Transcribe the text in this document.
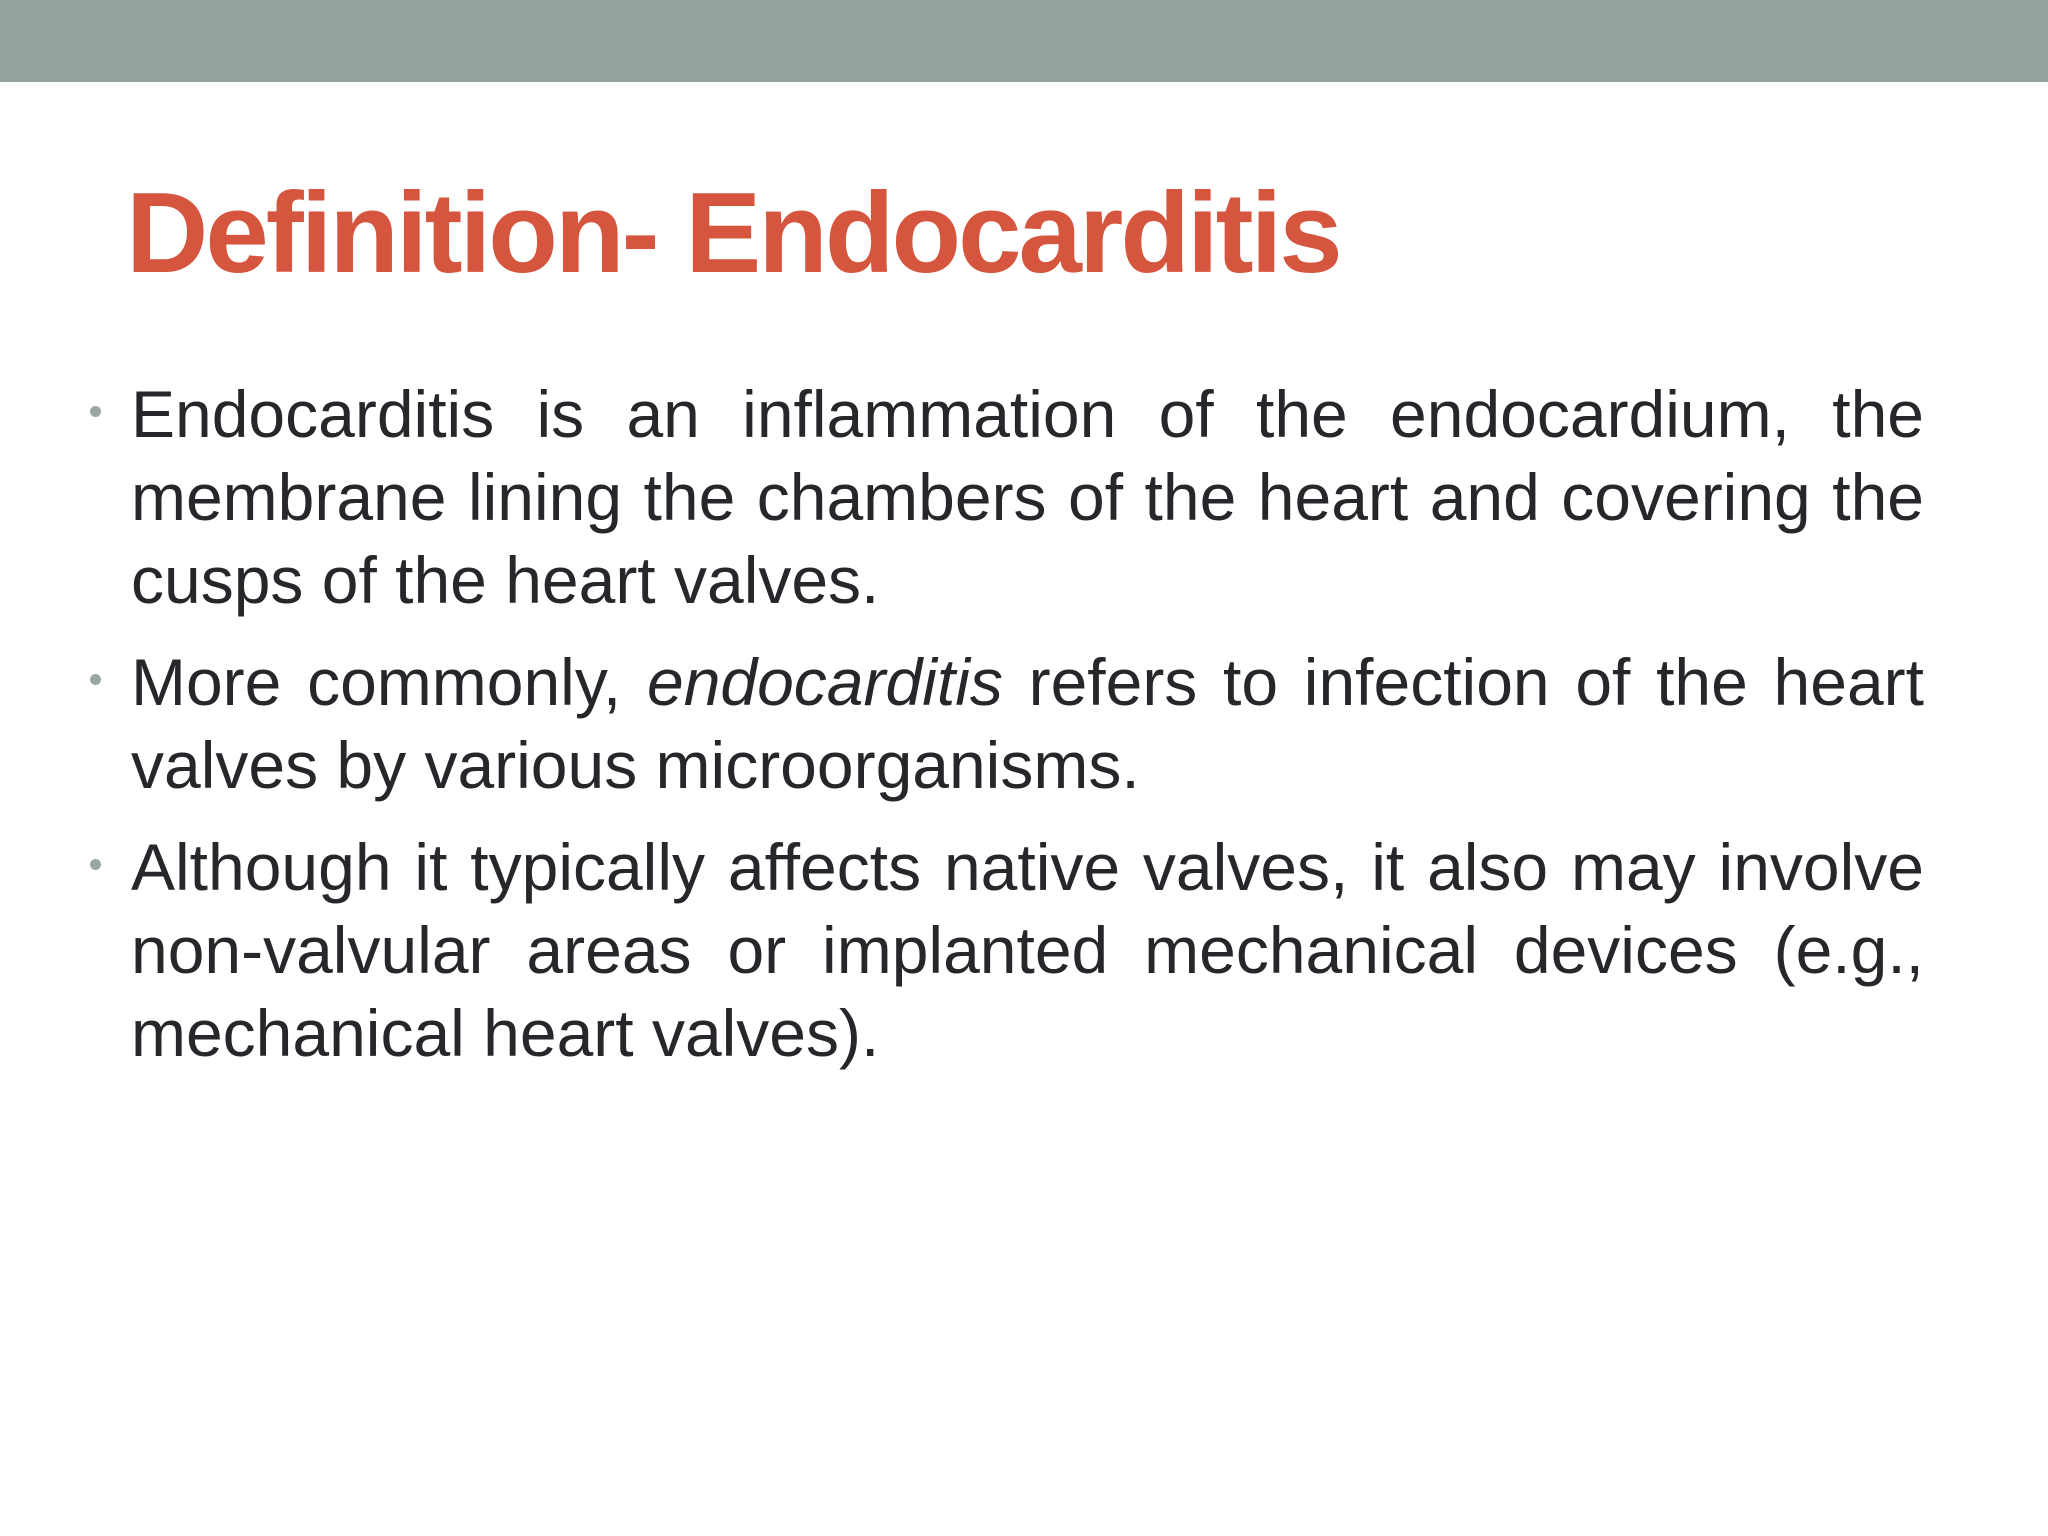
Definition- Endocarditis
Endocarditis is an inflammation of the endocardium, the membrane lining the chambers of the heart and covering the cusps of the heart valves.
More commonly, endocarditis refers to infection of the heart valves by various microorganisms.
Although it typically affects native valves, it also may involve non-valvular areas or implanted mechanical devices (e.g., mechanical heart valves).
